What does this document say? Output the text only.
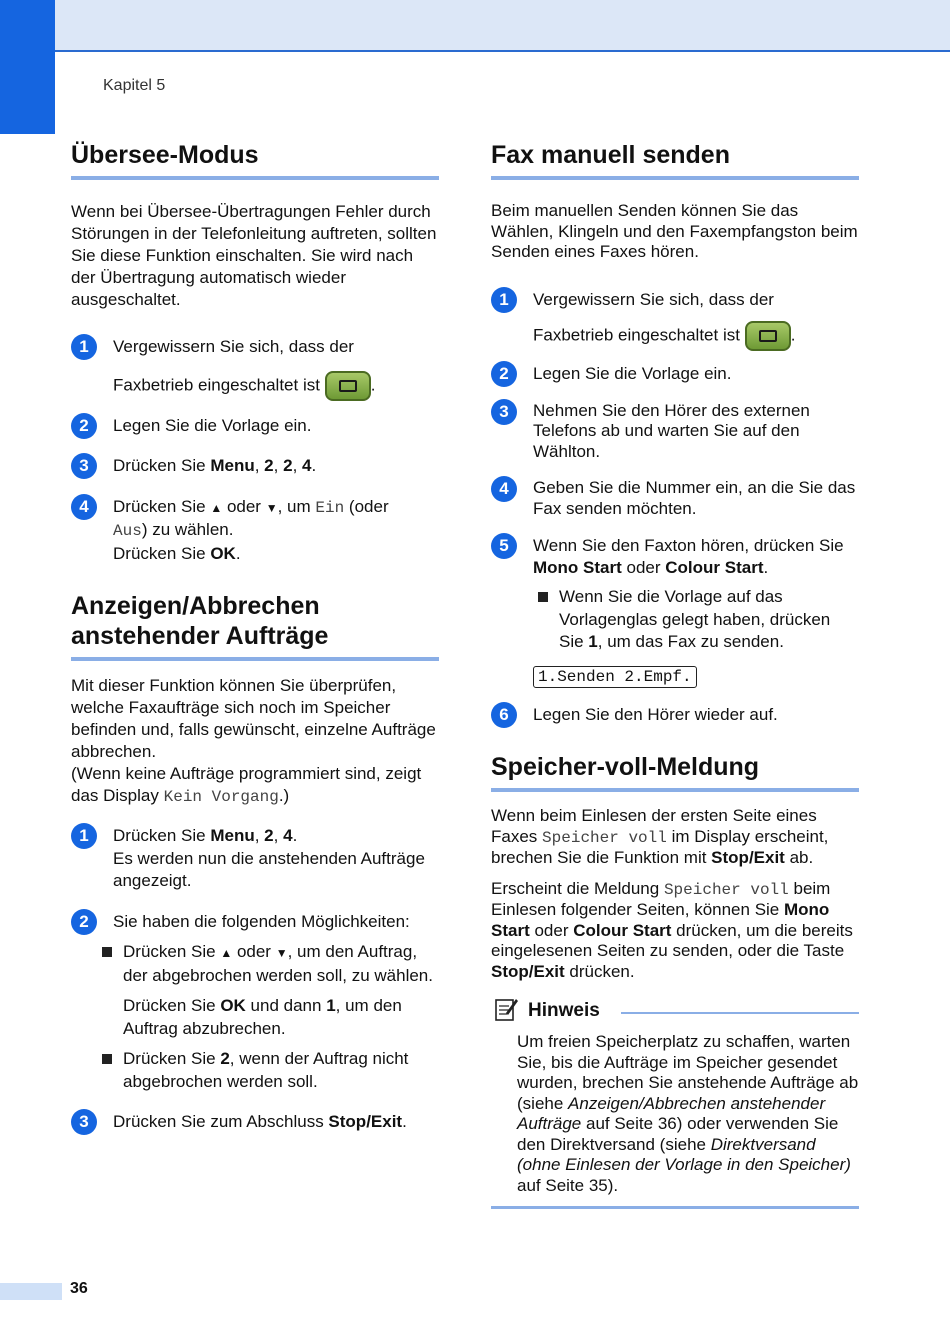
Kapitel 5
Übersee-Modus

Wenn bei Übersee-Übertragungen Fehler durch Störungen in der Telefonleitung auftreten, sollten Sie diese Funktion einschalten. Sie wird nach der Übertragung automatisch wieder ausgeschaltet.

1	Vergewissern Sie sich, dass der
Faxbetrieb eingeschaltet ist	.
2	Legen Sie die Vorlage ein.
3	Drücken Sie Menu, 2, 2, 4.
4	Drücken Sie ▲ oder ▼, um Ein (oder
Aus) zu wählen.
Drücken Sie OK.
Anzeigen/Abbrechen anstehender Aufträge

Mit dieser Funktion können Sie überprüfen, welche Faxaufträge sich noch im Speicher befinden und, falls gewünscht, einzelne Aufträge abbrechen.

(Wenn keine Aufträge programmiert sind, zeigt das Display Kein Vorgang.)

1	Drücken Sie Menu, 2, 4.
Es werden nun die anstehenden Aufträge angezeigt.
2	Sie haben die folgenden Möglichkeiten:
Drücken Sie ▲ oder ▼, um den Auftrag, der abgebrochen werden soll, zu wählen.
Drücken Sie OK und dann 1, um den Auftrag abzubrechen.
Drücken Sie 2, wenn der Auftrag nicht abgebrochen werden soll.
3	Drücken Sie zum Abschluss Stop/Exit.
Fax manuell senden

Beim manuellen Senden können Sie das Wählen, Klingeln und den Faxempfangston beim Senden eines Faxes hören.

1	Vergewissern Sie sich, dass der
Faxbetrieb eingeschaltet ist	.
2	Legen Sie die Vorlage ein.
3	Nehmen Sie den Hörer des externen Telefons ab und warten Sie auf den Wählton.
4	Geben Sie die Nummer ein, an die Sie das Fax senden möchten.
5	Wenn Sie den Faxton hören, drücken Sie Mono Start oder Colour Start.
Wenn Sie die Vorlage auf das Vorlagenglas gelegt haben, drücken Sie 1, um das Fax zu senden.
1.Senden 2.Empf.
6	Legen Sie den Hörer wieder auf.
Speicher-voll-Meldung

Wenn beim Einlesen der ersten Seite eines Faxes Speicher voll im Display erscheint, brechen Sie die Funktion mit Stop/Exit ab.

Erscheint die Meldung Speicher voll beim Einlesen folgender Seiten, können Sie Mono Start oder Colour Start drücken, um die bereits eingelesenen Seiten zu senden, oder die Taste Stop/Exit drücken.

Hinweis
Um freien Speicherplatz zu schaffen, warten Sie, bis die Aufträge im Speicher gesendet wurden, brechen Sie anstehende Aufträge ab (siehe Anzeigen/Abbrechen anstehender Aufträge auf Seite 36) oder verwenden Sie den Direktversand (siehe Direktversand (ohne Einlesen der Vorlage in den Speicher) auf Seite 35).
36
